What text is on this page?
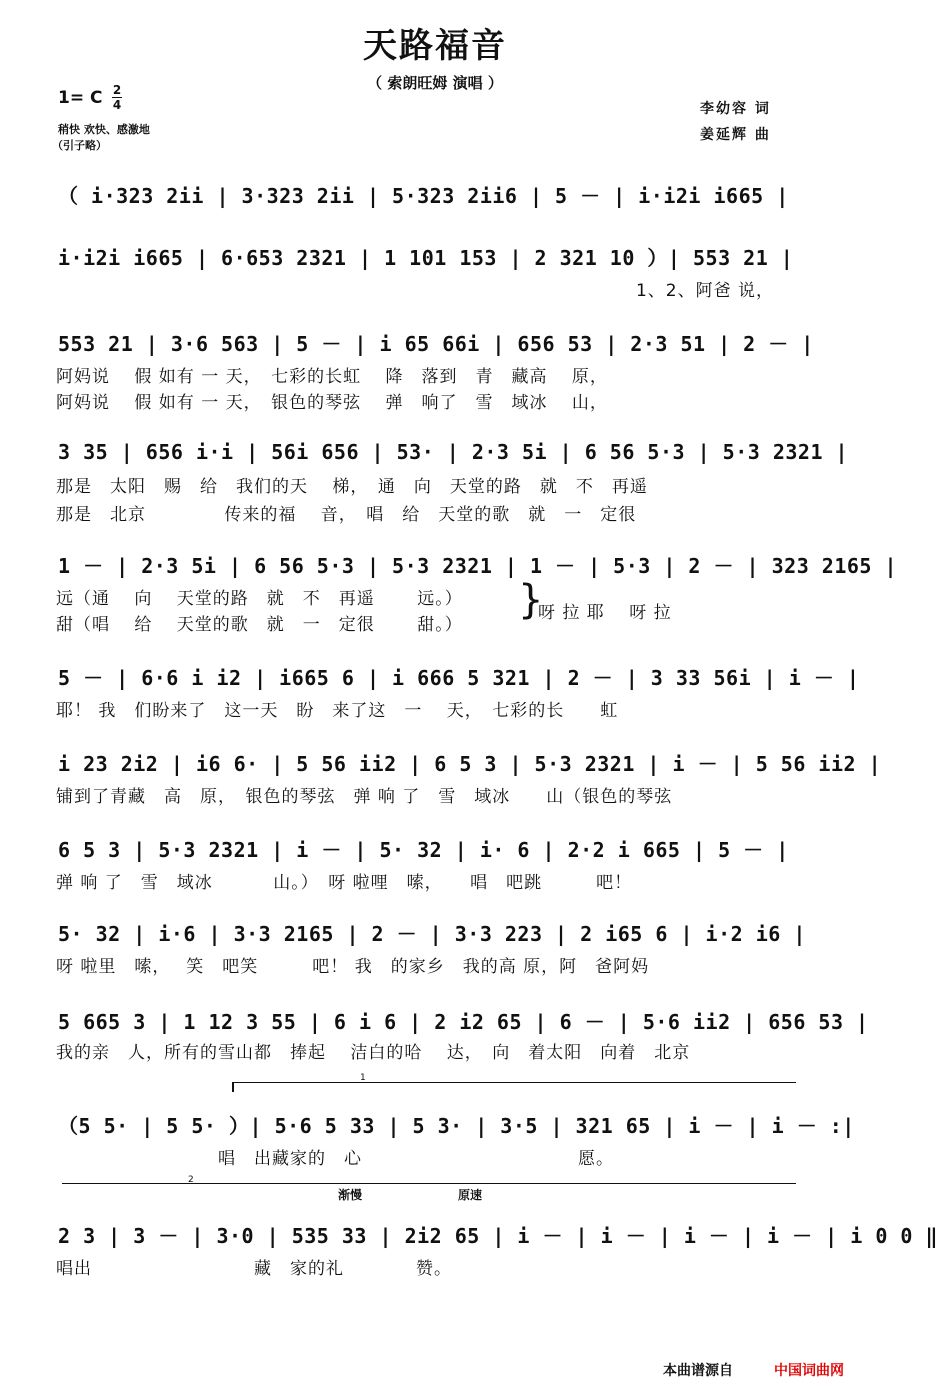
天路福音
（ 索朗旺姆 演唱 ）
1= C 2
4
稍快 欢快、感激地
（引子略）
李幼容 词
姜延辉 曲
（ i·323 2ii | 3·323 2ii | 5·323 2ii6 | 5 － | i·i2i i665 |
i·i2i i665 | 6·653 2321 | 1 101 153 | 2 321 10 ）| 553 21 |
1、2、阿爸 说，
553 21 | 3·6 563 | 5 － | i 65 66i | 656 53 | 2·3 51 | 2 － |
阿妈说　 假 如有 一 天，　七彩的长虹　 降　落到　青　藏高　 原，
阿妈说　 假 如有 一 天，　银色的琴弦　 弹　响了　雪　域冰　 山，
3 35 | 656 i·i | 56i 656 | 53· | 2·3 5i | 6 56 5·3 | 5·3 2321 |
那是　太阳　赐　给　我们的天　 梯，　通　向　天堂的路　就　不　再遥
那是　北京　　　　 传来的福　 音，　唱　给　天堂的歌　就　一　定很
1 － | 2·3 5i | 6 56 5·3 | 5·3 2321 | 1 － | 5·3 | 2 － | 323 2165 |
远（通　 向　 天堂的路　就　不　再遥　　 远。）
甜（唱　 给　 天堂的歌　就　一　定很　　 甜。）
}
呀 拉 耶　 呀 拉
5 － | 6·6 i i2 | i665 6 | i 666 5 321 | 2 － | 3 33 56i | i － |
耶！ 我　们盼来了　这一天　盼　来了这　一　 天，　七彩的长　　虹
i 23 2i2 | i6 6· | 5 56 ii2 | 6 5 3 | 5·3 2321 | i － | 5 56 ii2 |
铺到了青藏　高　原，　银色的琴弦　弹 响 了　雪　域冰　　山（银色的琴弦
6 5 3 | 5·3 2321 | i － | 5· 32 | i· 6 | 2·2 i 665 | 5 － |
弹 响 了　雪　域冰　　　 山。）　呀 啦哩　嗦，　　唱　吧跳　　　吧！
5· 32 | i·6 | 3·3 2165 | 2 － | 3·3 223 | 2 i65 6 | i·2 i6 |
呀 啦里　嗦，　 笑　吧笑　　　吧！ 我　的家乡　我的高 原，阿　爸阿妈
5 665 3 | 1 12 3 55 | 6 i 6 | 2 i2 65 | 6 － | 5·6 ii2 | 656 53 |
我的亲　人，所有的雪山都　捧起　 洁白的哈　 达，　向　着太阳　向着　北京
1
（5 5· | 5 5· ）| 5·6 5 33 | 5 3· | 3·5 | 321 65 | i － | i － :|
　　　　　　　　　唱　出藏家的　心　　　　　　　　　　　　愿。
2
渐慢	原速
2 3 | 3 － | 3·0 | 535 33 | 2i2 65 | i － | i － | i － | i － | i 0 0 ‖
唱出　　　　　　　　　藏　家的礼　　　　赞。
本曲谱源自	中国词曲网
